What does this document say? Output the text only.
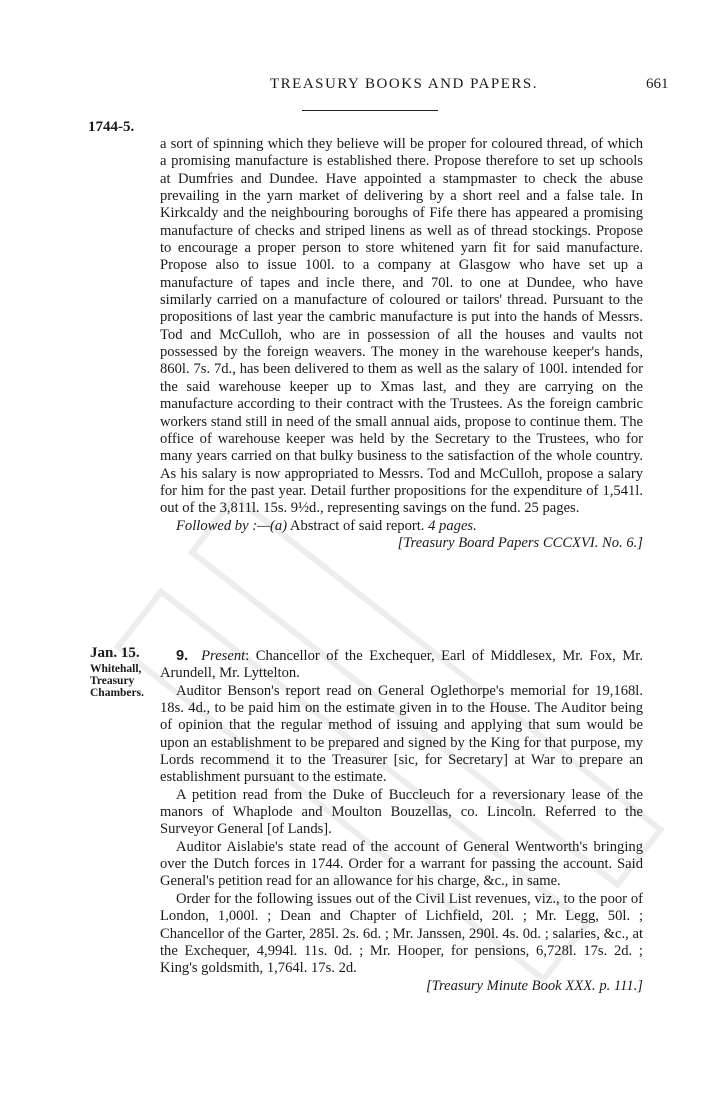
TREASURY BOOKS AND PAPERS.	661
1744-5.
Jan. 15.
Whitehall,
Treasury
Chambers.

a sort of spinning which they believe will be proper for coloured thread, of which a promising manufacture is established there. Propose therefore to set up schools at Dumfries and Dundee. Have appointed a stampmaster to check the abuse prevailing in the yarn market of delivering by a short reel and a false tale. In Kirkcaldy and the neighbouring boroughs of Fife there has appeared a promising manufacture of checks and striped linens as well as of thread stockings. Propose to encourage a proper person to store whitened yarn fit for said manufacture. Propose also to issue 100l. to a company at Glasgow who have set up a manufacture of tapes and incle there, and 70l. to one at Dundee, who have similarly carried on a manufacture of coloured or tailors' thread. Pursuant to the propositions of last year the cambric manufacture is put into the hands of Messrs. Tod and McCulloh, who are in possession of all the houses and vaults not possessed by the foreign weavers. The money in the warehouse keeper's hands, 860l. 7s. 7d., has been delivered to them as well as the salary of 100l. intended for the said warehouse keeper up to Xmas last, and they are carrying on the manufacture according to their contract with the Trustees. As the foreign cambric workers stand still in need of the small annual aids, propose to continue them. The office of warehouse keeper was held by the Secretary to the Trustees, who for many years carried on that bulky business to the satisfaction of the whole country. As his salary is now appropriated to Messrs. Tod and McCulloh, propose a salary for him for the past year. Detail further propositions for the expenditure of 1,541l. out of the 3,811l. 15s. 9½d., representing savings on the fund. 25 pages.

Followed by :—(a) Abstract of said report. 4 pages.

[Treasury Board Papers CCCXVI. No. 6.]

9. Present: Chancellor of the Exchequer, Earl of Middlesex, Mr. Fox, Mr. Arundell, Mr. Lyttelton.

Auditor Benson's report read on General Oglethorpe's memorial for 19,168l. 18s. 4d., to be paid him on the estimate given in to the House. The Auditor being of opinion that the regular method of issuing and applying that sum would be upon an establishment to be prepared and signed by the King for that purpose, my Lords recommend it to the Treasurer [sic, for Secretary] at War to prepare an establishment pursuant to the estimate.

A petition read from the Duke of Buccleuch for a reversionary lease of the manors of Whaplode and Moulton Bouzellas, co. Lincoln. Referred to the Surveyor General [of Lands].

Auditor Aislabie's state read of the account of General Wentworth's bringing over the Dutch forces in 1744. Order for a warrant for passing the account. Said General's petition read for an allowance for his charge, &c., in same.

Order for the following issues out of the Civil List revenues, viz., to the poor of London, 1,000l. ; Dean and Chapter of Lichfield, 20l. ; Mr. Legg, 50l. ; Chancellor of the Garter, 285l. 2s. 6d. ; Mr. Janssen, 290l. 4s. 0d. ; salaries, &c., at the Exchequer, 4,994l. 11s. 0d. ; Mr. Hooper, for pensions, 6,728l. 17s. 2d. ; King's goldsmith, 1,764l. 17s. 2d.

[Treasury Minute Book XXX. p. 111.]
